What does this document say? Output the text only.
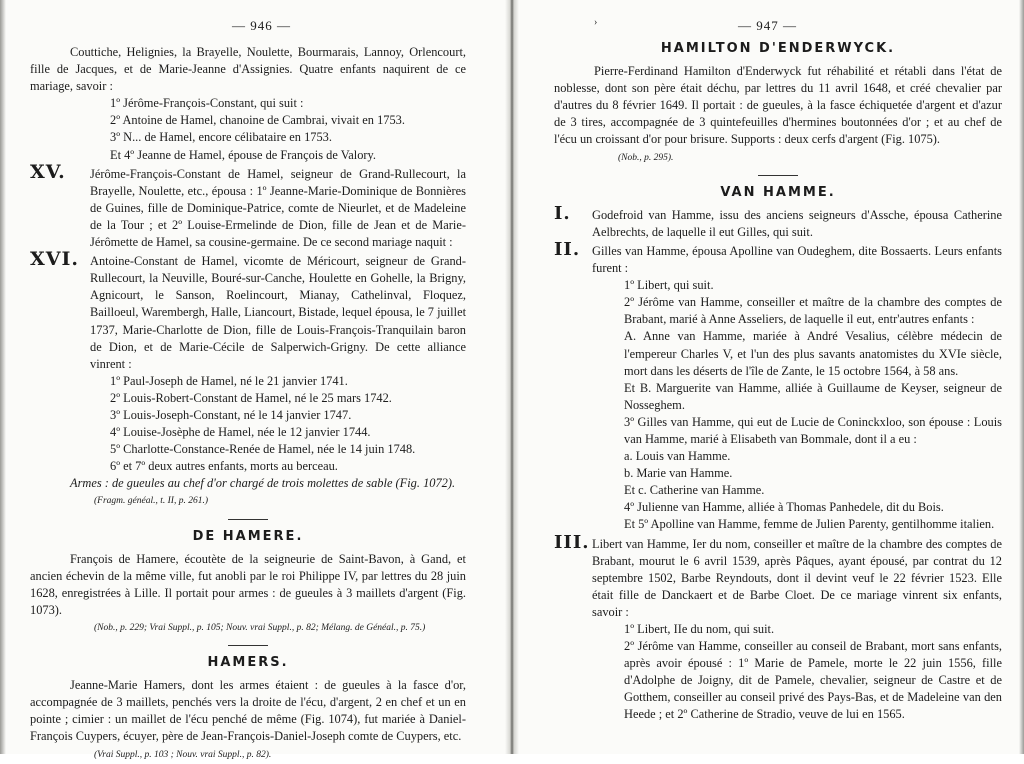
— 946 —

Couttiche, Helignies, la Brayelle, Noulette, Bourmarais, Lannoy, Orlencourt, fille de Jacques, et de Marie-Jeanne d'Assignies. Quatre enfants naquirent de ce mariage, savoir :

1º Jérôme-François-Constant, qui suit :

2º Antoine de Hamel, chanoine de Cambrai, vivait en 1753.

3º N... de Hamel, encore célibataire en 1753.

Et 4º Jeanne de Hamel, épouse de François de Valory.

XV. Jérôme-François-Constant de Hamel, seigneur de Grand-Rullecourt, la Brayelle, Noulette, etc., épousa : 1º Jeanne-Marie-Dominique de Bonnières de Guines, fille de Dominique-Patrice, comte de Nieurlet, et de Madeleine de la Tour ; et 2º Louise-Ermelinde de Dion, fille de Jean et de Marie-Jérômette de Hamel, sa cousine-germaine. De ce second mariage naquit :

XVI. Antoine-Constant de Hamel, vicomte de Méricourt, seigneur de Grand-Rullecourt, la Neuville, Bouré-sur-Canche, Houlette en Gohelle, la Brigny, Agnicourt, le Sanson, Roelincourt, Mianay, Cathelinval, Floquez, Bailloeul, Warembergh, Halle, Liancourt, Bistade, lequel épousa, le 7 juillet 1737, Marie-Charlotte de Dion, fille de Louis-François-Tranquilain baron de Dion, et de Marie-Cécile de Salperwich-Grigny. De cette alliance vinrent :

1º Paul-Joseph de Hamel, né le 21 janvier 1741.

2º Louis-Robert-Constant de Hamel, né le 25 mars 1742.

3º Louis-Joseph-Constant, né le 14 janvier 1747.

4º Louise-Josèphe de Hamel, née le 12 janvier 1744.

5º Charlotte-Constance-Renée de Hamel, née le 14 juin 1748.

6º et 7º deux autres enfants, morts au berceau.

Armes : de gueules au chef d'or chargé de trois molettes de sable (Fig. 1072).

(Fragm. généal., t. II, p. 261.)

DE HAMERE.

François de Hamere, écoutète de la seigneurie de Saint-Bavon, à Gand, et ancien échevin de la même ville, fut anobli par le roi Philippe IV, par lettres du 28 juin 1628, enregistrées à Lille. Il portait pour armes : de gueules à 3 maillets d'argent (Fig. 1073).

(Nob., p. 229; Vrai Suppl., p. 105; Nouv. vrai Suppl., p. 82; Mélang. de Généal., p. 75.)

HAMERS.

Jeanne-Marie Hamers, dont les armes étaient : de gueules à la fasce d'or, accompagnée de 3 maillets, penchés vers la droite de l'écu, d'argent, 2 en chef et un en pointe ; cimier : un maillet de l'écu penché de même (Fig. 1074), fut mariée à Daniel-François Cuypers, écuyer, père de Jean-François-Daniel-Joseph comte de Cuypers, etc.

(Vrai Suppl., p. 103 ; Nouv. vrai Suppl., p. 82).

›	— 947 —
HAMILTON D'ENDERWYCK.

Pierre-Ferdinand Hamilton d'Enderwyck fut réhabilité et rétabli dans l'état de noblesse, dont son père était déchu, par lettres du 11 avril 1648, et créé chevalier par d'autres du 8 février 1649. Il portait : de gueules, à la fasce échiquetée d'argent et d'azur de 3 tires, accompagnée de 3 quintefeuilles d'hermines boutonnées d'or ; et au chef de l'écu un croissant d'or pour brisure. Supports : deux cerfs d'argent (Fig. 1075).

(Nob., p. 295).

VAN HAMME.
I. Godefroid van Hamme, issu des anciens seigneurs d'Assche, épousa Catherine Aelbrechts, de laquelle il eut Gilles, qui suit.

II. Gilles van Hamme, épousa Apolline van Oudeghem, dite Bossaerts. Leurs enfants furent :

1º Libert, qui suit.

2º Jérôme van Hamme, conseiller et maître de la chambre des comptes de Brabant, marié à Anne Asseliers, de laquelle il eut, entr'autres enfants :

A. Anne van Hamme, mariée à André Vesalius, célèbre médecin de l'empereur Charles V, et l'un des plus savants anatomistes du XVIe siècle, mort dans les déserts de l'île de Zante, le 15 octobre 1564, à 58 ans.

Et B. Marguerite van Hamme, alliée à Guillaume de Keyser, seigneur de Nosseghem.

3º Gilles van Hamme, qui eut de Lucie de Coninckxloo, son épouse : Louis van Hamme, marié à Elisabeth van Bommale, dont il a eu :

a. Louis van Hamme.

b. Marie van Hamme.

Et c. Catherine van Hamme.

4º Julienne van Hamme, alliée à Thomas Panhedele, dit du Bois.

Et 5º Apolline van Hamme, femme de Julien Parenty, gentilhomme italien.

III. Libert van Hamme, Ier du nom, conseiller et maître de la chambre des comptes de Brabant, mourut le 6 avril 1539, après Pâques, ayant épousé, par contrat du 12 septembre 1502, Barbe Reyndouts, dont il devint veuf le 22 février 1523. Elle était fille de Danckaert et de Barbe Cloet. De ce mariage vinrent six enfants, savoir :

1º Libert, IIe du nom, qui suit.

2º Jérôme van Hamme, conseiller au conseil de Brabant, mort sans enfants, après avoir épousé : 1º Marie de Pamele, morte le 22 juin 1556, fille d'Adolphe de Joigny, dit de Pamele, chevalier, seigneur de Castre et de Gotthem, conseiller au conseil privé des Pays-Bas, et de Madeleine van den Heede ; et 2º Catherine de Stradio, veuve de lui en 1565.
